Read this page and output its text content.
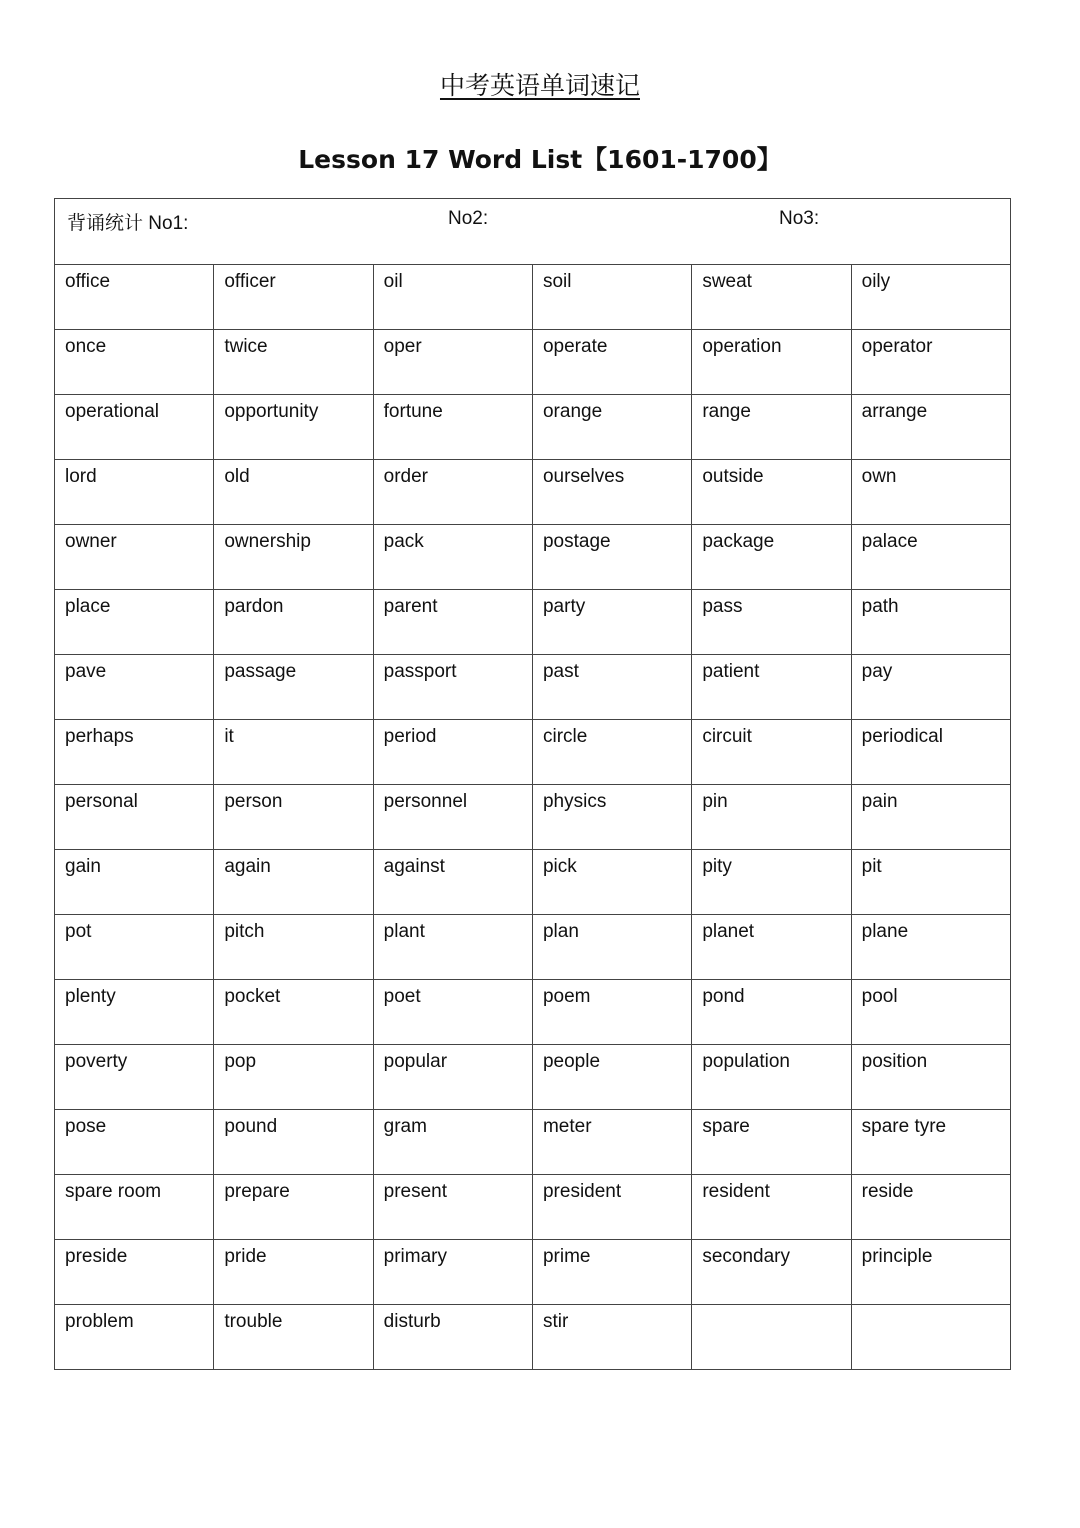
中考英语单词速记
Lesson 17 Word List【1601-1700】
背诵统计 No1: No2: No3:					

office	officer	oil	soil	sweat	oily
once	twice	oper	operate	operation	operator
operational	opportunity	fortune	orange	range	arrange
lord	old	order	ourselves	outside	own
owner	ownership	pack	postage	package	palace
place	pardon	parent	party	pass	path
pave	passage	passport	past	patient	pay
perhaps	it	period	circle	circuit	periodical
personal	person	personnel	physics	pin	pain
gain	again	against	pick	pity	pit
pot	pitch	plant	plan	planet	plane
plenty	pocket	poet	poem	pond	pool
poverty	pop	popular	people	population	position
pose	pound	gram	meter	spare	spare tyre
spare room	prepare	present	president	resident	reside
preside	pride	primary	prime	secondary	principle
problem	trouble	disturb	stir		
